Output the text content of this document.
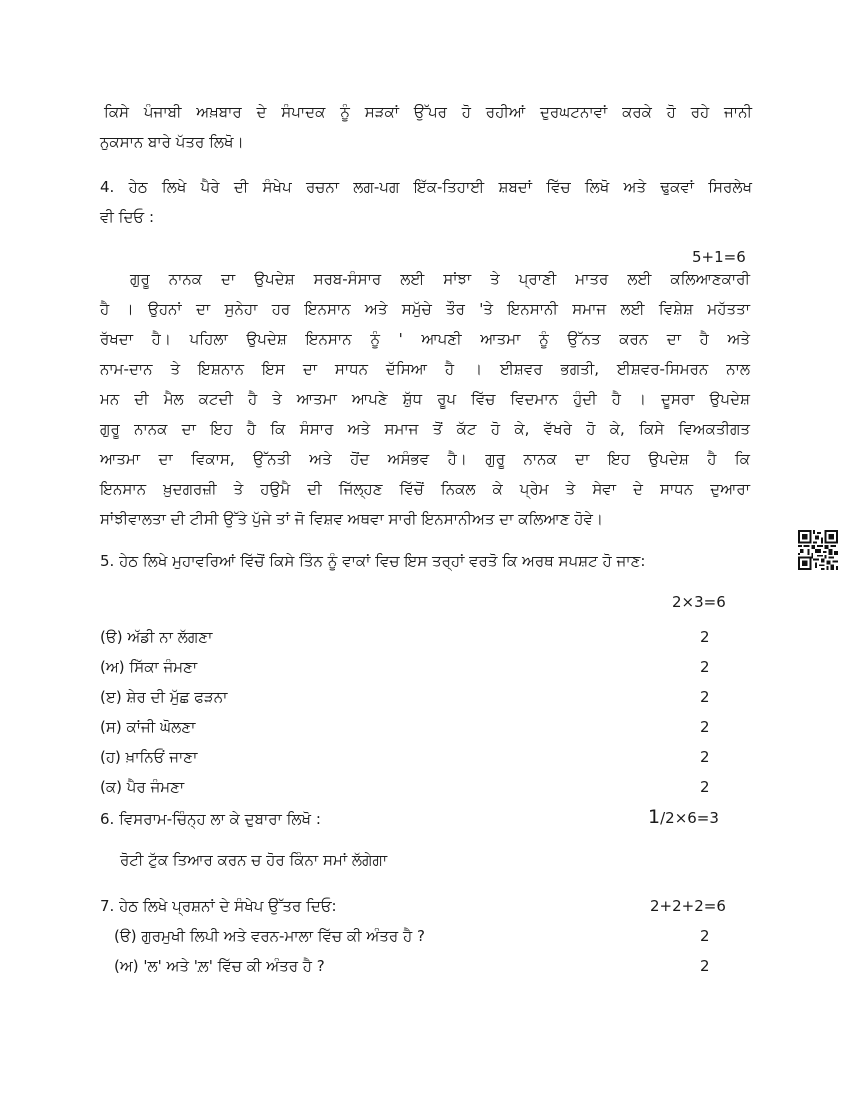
ਕਿਸੇ ਪੰਜਾਬੀ ਅਖ਼ਬਾਰ ਦੇ ਸੰਪਾਦਕ ਨੂੰ ਸੜਕਾਂ ਉੱਪਰ ਹੋ ਰਹੀਆਂ ਦੁਰਘਟਨਾਵਾਂ ਕਰਕੇ ਹੋ ਰਹੇ ਜਾਨੀ
ਨੁਕਸਾਨ ਬਾਰੇ ਪੱਤਰ ਲਿਖੋ।
4. ਹੇਠ ਲਿਖੇ ਪੈਰੇ ਦੀ ਸੰਖੇਪ ਰਚਨਾ ਲਗ-ਪਗ ਇੱਕ-ਤਿਹਾਈ ਸ਼ਬਦਾਂ ਵਿੱਚ ਲਿਖੋ ਅਤੇ ਢੁਕਵਾਂ ਸਿਰਲੇਖ
ਵੀ ਦਿਓ :
5+1=6
ਗੁਰੂ ਨਾਨਕ ਦਾ ਉਪਦੇਸ਼ ਸਰਬ-ਸੰਸਾਰ ਲਈ ਸਾਂਝਾ ਤੇ ਪ੍ਰਾਣੀ ਮਾਤਰ ਲਈ ਕਲਿਆਣਕਾਰੀ
ਹੈ । ਉਹਨਾਂ ਦਾ ਸੁਨੇਹਾ ਹਰ ਇਨਸਾਨ ਅਤੇ ਸਮੁੱਚੇ ਤੌਰ 'ਤੇ ਇਨਸਾਨੀ ਸਮਾਜ ਲਈ ਵਿਸ਼ੇਸ਼ ਮਹੱਤਤਾ
ਰੱਖਦਾ ਹੈ। ਪਹਿਲਾ ਉਪਦੇਸ਼ ਇਨਸਾਨ ਨੂੰ ' ਆਪਣੀ ਆਤਮਾ ਨੂੰ ਉੱਨਤ ਕਰਨ ਦਾ ਹੈ ਅਤੇ
ਨਾਮ-ਦਾਨ ਤੇ ਇਸ਼ਨਾਨ ਇਸ ਦਾ ਸਾਧਨ ਦੱਸਿਆ ਹੈ । ਈਸ਼ਵਰ ਭਗਤੀ, ਈਸ਼ਵਰ-ਸਿਮਰਨ ਨਾਲ
ਮਨ ਦੀ ਮੈਲ ਕਟਦੀ ਹੈ ਤੇ ਆਤਮਾ ਆਪਣੇ ਸ਼ੁੱਧ ਰੂਪ ਵਿੱਚ ਵਿਦਮਾਨ ਹੁੰਦੀ ਹੈ । ਦੂਸਰਾ ਉਪਦੇਸ਼
ਗੁਰੂ ਨਾਨਕ ਦਾ ਇਹ ਹੈ ਕਿ ਸੰਸਾਰ ਅਤੇ ਸਮਾਜ ਤੋਂ ਕੱਟ ਹੋ ਕੇ, ਵੱਖਰੇ ਹੋ ਕੇ, ਕਿਸੇ ਵਿਅਕਤੀਗਤ
ਆਤਮਾ ਦਾ ਵਿਕਾਸ, ਉੱਨਤੀ ਅਤੇ ਹੋਂਦ ਅਸੰਭਵ ਹੈ। ਗੁਰੂ ਨਾਨਕ ਦਾ ਇਹ ਉਪਦੇਸ਼ ਹੈ ਕਿ
ਇਨਸਾਨ ਖ਼ੁਦਗਰਜ਼ੀ ਤੇ ਹਉਮੈ ਦੀ ਜਿੱਲ੍ਹਣ ਵਿੱਚੋਂ ਨਿਕਲ ਕੇ ਪ੍ਰੇਮ ਤੇ ਸੇਵਾ ਦੇ ਸਾਧਨ ਦੁਆਰਾ
ਸਾਂਝੀਵਾਲਤਾ ਦੀ ਟੀਸੀ ਉੱਤੇ ਪੁੱਜੇ ਤਾਂ ਜੋ ਵਿਸ਼ਵ ਅਥਵਾ ਸਾਰੀ ਇਨਸਾਨੀਅਤ ਦਾ ਕਲਿਆਣ ਹੋਵੇ।
5. ਹੇਠ ਲਿਖੇ ਮੁਹਾਵਰਿਆਂ ਵਿੱਚੋਂ ਕਿਸੇ ਤਿੰਨ ਨੂੰ ਵਾਕਾਂ ਵਿਚ ਇਸ ਤਰ੍ਹਾਂ ਵਰਤੋ ਕਿ ਅਰਥ ਸਪਸ਼ਟ ਹੋ ਜਾਣ:
2×3=6
(ੳ) ਅੱਡੀ ਨਾ ਲੱਗਣਾ	2
(ਅ) ਸਿੱਕਾ ਜੰਮਣਾ	2
(ੲ) ਸ਼ੇਰ ਦੀ ਮੁੱਛ ਫੜਨਾ	2
(ਸ) ਕਾਂਜੀ ਘੋਲਣਾ	2
(ਹ) ਖ਼ਾਨਿਓਂ ਜਾਣਾ	2
(ਕ) ਪੈਰ ਜੰਮਣਾ	2
6. ਵਿਸਰਾਮ-ਚਿੰਨ੍ਹ ਲਾ ਕੇ ਦੁਬਾਰਾ ਲਿਖੋ :	1/2×6=3
ਰੋਟੀ ਟੁੱਕ ਤਿਆਰ ਕਰਨ ਚ ਹੋਰ ਕਿੰਨਾ ਸਮਾਂ ਲੱਗੇਗਾ
7. ਹੇਠ ਲਿਖੇ ਪ੍ਰਸ਼ਨਾਂ ਦੇ ਸੰਖੇਪ ਉੱਤਰ ਦਿਓ:	2+2+2=6
(ੳ) ਗੁਰਮੁਖੀ ਲਿਪੀ ਅਤੇ ਵਰਨ-ਮਾਲਾ ਵਿੱਚ ਕੀ ਅੰਤਰ ਹੈ ?	2
(ਅ) 'ਲ' ਅਤੇ 'ਲ਼' ਵਿੱਚ ਕੀ ਅੰਤਰ ਹੈ ?	2
